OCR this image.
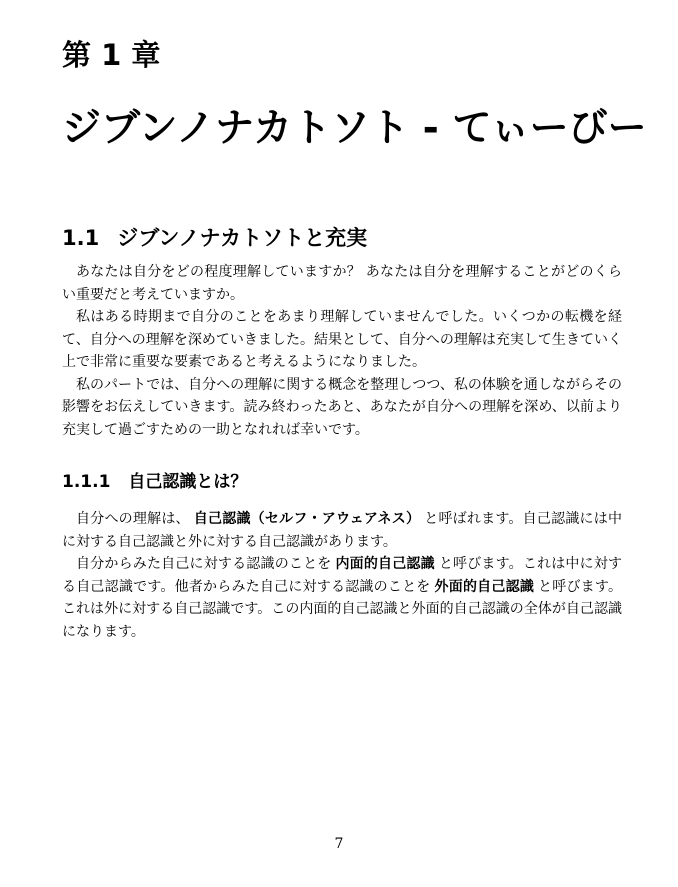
第 1 章
ジブンノナカトソト - てぃーびー
1.1 ジブンノナカトソトと充実

あなたは自分をどの程度理解していますか？ あなたは自分を理解することがどのくらい重要だと考えていますか。

私はある時期まで自分のことをあまり理解していませんでした。いくつかの転機を経て、自分への理解を深めていきました。結果として、自分への理解は充実して生きていく上で非常に重要な要素であると考えるようになりました。

私のパートでは、自分への理解に関する概念を整理しつつ、私の体験を通しながらその影響をお伝えしていきます。読み終わったあと、あなたが自分への理解を深め、以前より充実して過ごすための一助となれれば幸いです。

1.1.1 自己認識とは？

自分への理解は、 自己認識（セルフ・アウェアネス） と呼ばれます。自己認識には中に対する自己認識と外に対する自己認識があります。

自分からみた自己に対する認識のことを 内面的自己認識 と呼びます。これは中に対する自己認識です。他者からみた自己に対する認識のことを 外面的自己認識 と呼びます。これは外に対する自己認識です。この内面的自己認識と外面的自己認識の全体が自己認識になります。

7
